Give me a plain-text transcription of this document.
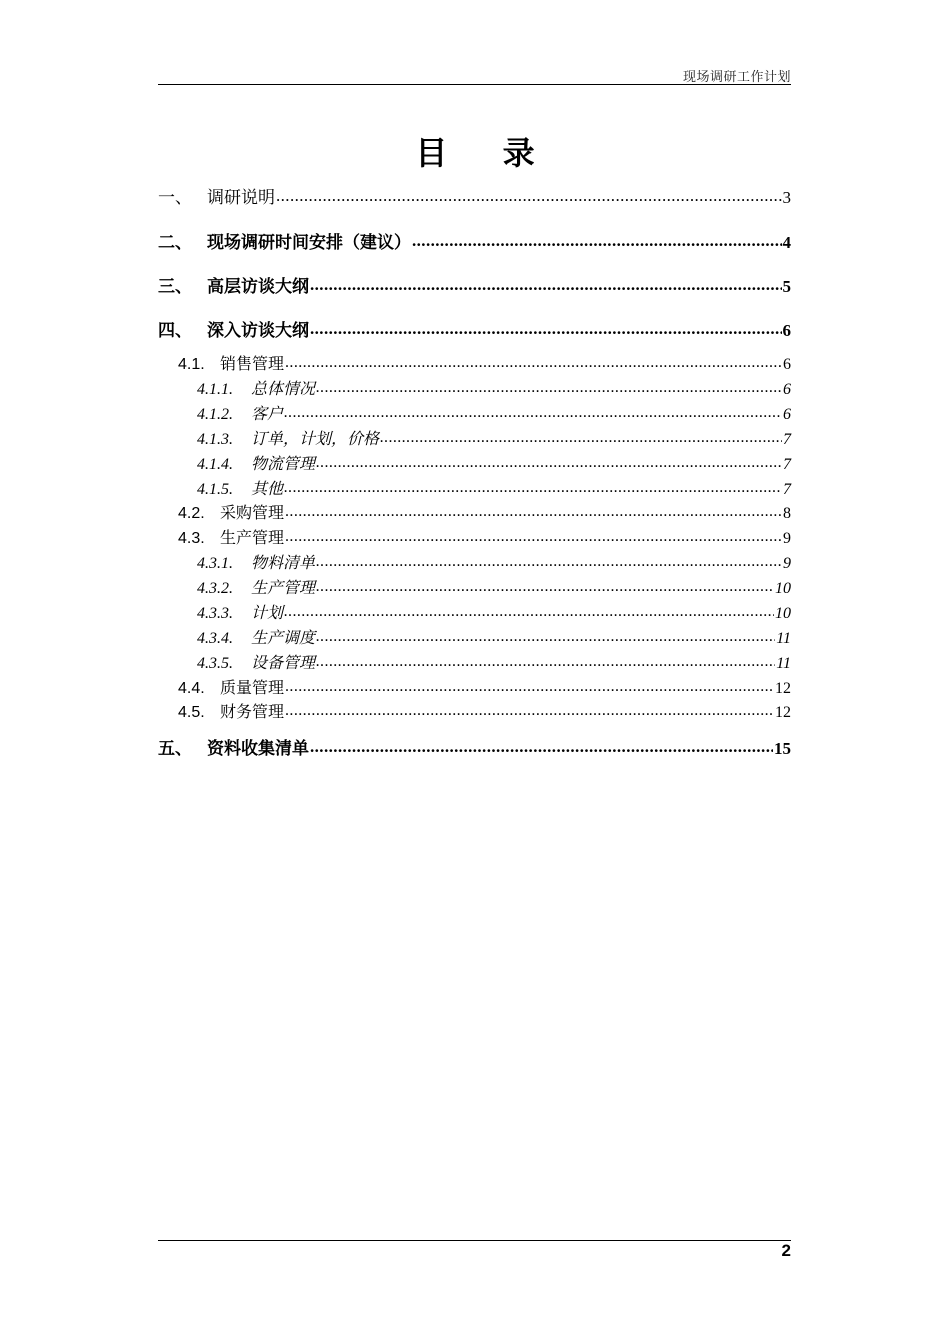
现场调研工作计划
目 录
一、 调研说明 .....	3
二、 现场调研时间安排（建议） .....	4
三、 高层访谈大纲 .....	5
四、 深入访谈大纲 .....	6
4.1. 销售管理 .....	6
4.1.1.	总体情况 .....	6
4.1.2.	客户 .....	6
4.1.3.	订单，计划，价格 .....	7
4.1.4.	物流管理 .....	7
4.1.5.	其他 .....	7
4.2. 采购管理 .....	8
4.3. 生产管理 .....	9
4.3.1.	物料清单 .....	9
4.3.2.	生产管理 .....	10
4.3.3.	计划 .....	10
4.3.4.	生产调度 .....	11
4.3.5.	设备管理 .....	11
4.4. 质量管理 .....	12
4.5. 财务管理 .....	12
五、 资料收集清单 .....	15
2
